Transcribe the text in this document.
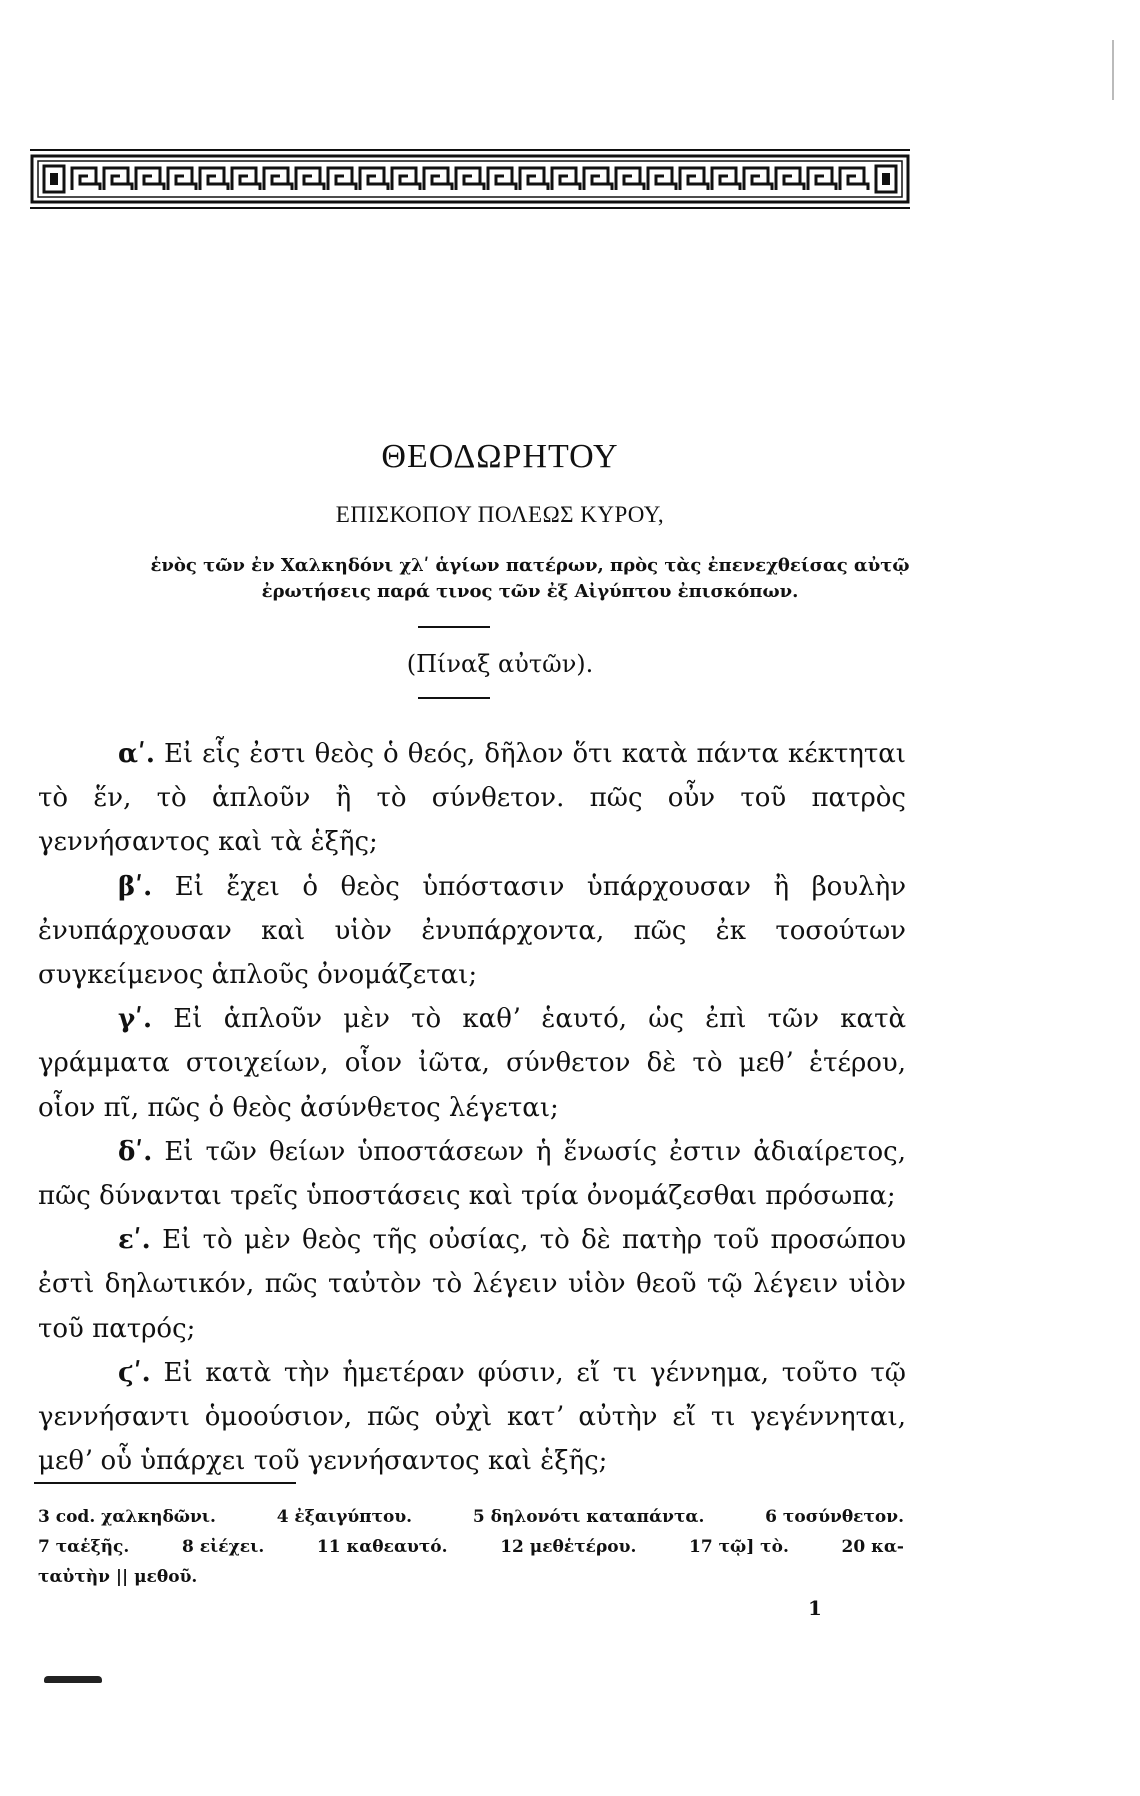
ΘΕΟΔΩΡΗΤΟΥ
ΕΠΙΣΚΟΠΟΥ ΠΟΛΕΩΣ ΚΥΡΟΥ,
ἑνὸς τῶν ἐν Χαλκηδόνι χλʹ ἁγίων πατέρων, πρὸς τὰς ἐπενεχθείσας αὐτῷ ἐρωτήσεις παρά τινος τῶν ἐξ Αἰγύπτου ἐπισκόπων.
(Πίναξ αὐτῶν).

αʹ. Εἰ εἷς ἐστι θεὸς ὁ θεός, δῆλον ὅτι κατὰ πάντα κέκτηται τὸ ἕν, τὸ ἁπλοῦν ἢ τὸ σύνθετον. πῶς οὖν τοῦ πατρὸς γεννήσαντος καὶ τὰ ἑξῆς;

βʹ. Εἰ ἔχει ὁ θεὸς ὑπόστασιν ὑπάρχουσαν ἢ βουλὴν ἐνυπάρχουσαν καὶ υἱὸν ἐνυπάρχοντα, πῶς ἐκ τοσούτων συγκείμενος ἁπλοῦς ὀνομάζεται;

γʹ. Εἰ ἁπλοῦν μὲν τὸ καθʼ ἑαυτό, ὡς ἐπὶ τῶν κατὰ γράμματα στοιχείων, οἷον ἰῶτα, σύνθετον δὲ τὸ μεθʼ ἑτέρου, οἷον πῖ, πῶς ὁ θεὸς ἀσύνθετος λέγεται;

δʹ. Εἰ τῶν θείων ὑποστάσεων ἡ ἕνωσίς ἐστιν ἀδιαίρετος, πῶς δύνανται τρεῖς ὑποστάσεις καὶ τρία ὀνομάζεσθαι πρόσωπα;

εʹ. Εἰ τὸ μὲν θεὸς τῆς οὐσίας, τὸ δὲ πατὴρ τοῦ προσώπου ἐστὶ δηλωτικόν, πῶς ταὐτὸν τὸ λέγειν υἱὸν θεοῦ τῷ λέγειν υἱὸν τοῦ πατρός;

ϛʹ. Εἰ κατὰ τὴν ἡμετέραν φύσιν, εἴ τι γέννημα, τοῦτο τῷ γεννήσαντι ὁμοούσιον, πῶς οὐχὶ κατʼ αὐτὴν εἴ τι γεγέννηται, μεθʼ οὗ ὑπάρχει τοῦ γεννήσαντος καὶ ἑξῆς;

3 cod. χαλκηδῶνι.	4 ἐξαιγύπτου.	5 δηλονότι καταπάντα.	6 τοσύνθετον.
7 ταἑξῆς.	8 εἰέχει.	11 καθεαυτό.	12 μεθἑτέρου.	17 τῷ] τὸ.	20 κα-
ταὐτὴν || μεθοῦ.
1
